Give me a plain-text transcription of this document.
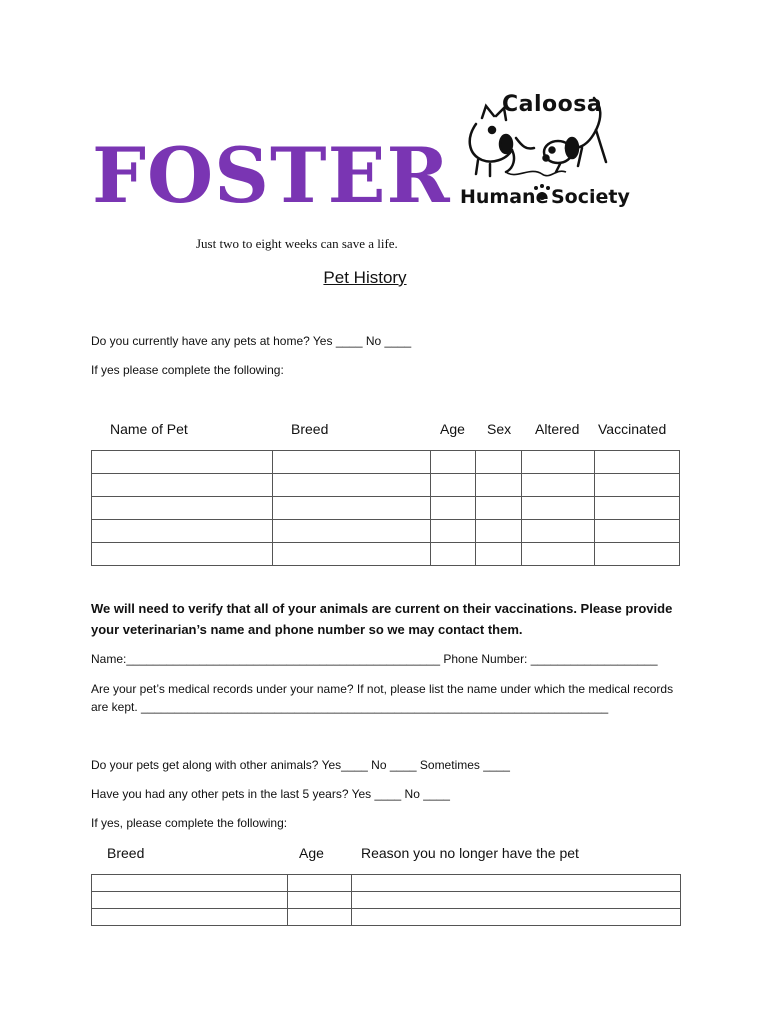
FOSTER
Just two to eight weeks can save a life.
Caloosa
Humane Society
Pet History
Do you currently have any pets at home? Yes ____ No ____
If yes please complete the following:
Name of Pet	Breed	Age Sex Altered Vaccinated

We will need to verify that all of your animals are current on their vaccinations. Please provide your veterinarian’s name and phone number so we may contact them.
Name:_______________________________________________ Phone Number: ___________________
Are your pet’s medical records under your name? If not, please list the name under which the medical records are kept. ______________________________________________________________________
Do your pets get along with other animals? Yes____ No ____ Sometimes ____
Have you had any other pets in the last 5 years? Yes ____ No ____
If yes, please complete the following:
Breed	Age	Reason you no longer have the pet
